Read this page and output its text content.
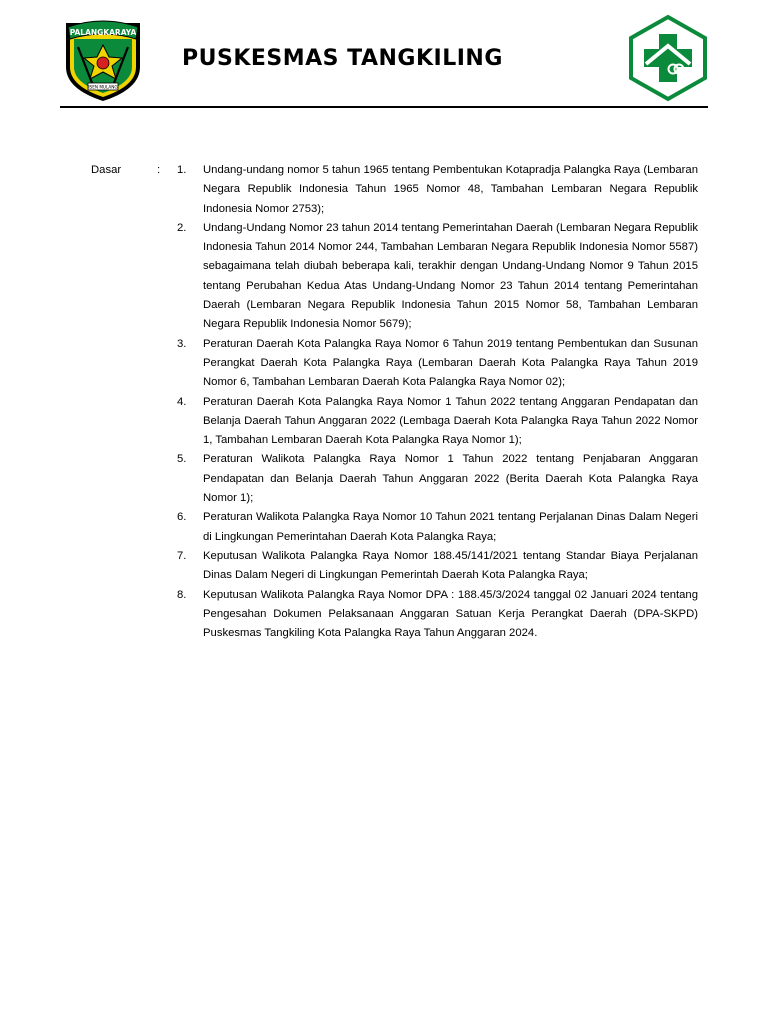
PALANGKARAYA
ISEN MULANG
PUSKESMAS TANGKILING
Dasar	:	1.	Undang-undang nomor 5 tahun 1965 tentang Pembentukan Kotapradja Palangka Raya (Lembaran Negara Republik Indonesia Tahun 1965 Nomor 48, Tambahan Lembaran Negara Republik Indonesia Nomor 2753);
2.	Undang-Undang Nomor 23 tahun 2014 tentang Pemerintahan Daerah (Lembaran Negara Republik Indonesia Tahun 2014 Nomor 244, Tambahan Lembaran Negara Republik Indonesia Nomor 5587) sebagaimana telah diubah beberapa kali, terakhir dengan Undang-Undang Nomor 9 Tahun 2015 tentang Perubahan Kedua Atas Undang-Undang Nomor 23 Tahun 2014 tentang Pemerintahan Daerah (Lembaran Negara Republik Indonesia Tahun 2015 Nomor 58, Tambahan Lembaran Negara Republik Indonesia Nomor 5679);
3.	Peraturan Daerah Kota Palangka Raya Nomor 6 Tahun 2019 tentang Pembentukan dan Susunan Perangkat Daerah Kota Palangka Raya (Lembaran Daerah Kota Palangka Raya Tahun 2019 Nomor 6, Tambahan Lembaran Daerah Kota Palangka Raya Nomor 02);
4.	Peraturan Daerah Kota Palangka Raya Nomor 1 Tahun 2022 tentang Anggaran Pendapatan dan Belanja Daerah Tahun Anggaran 2022 (Lembaga Daerah Kota Palangka Raya Tahun 2022 Nomor 1, Tambahan Lembaran Daerah Kota Palangka Raya Nomor 1);
5.	Peraturan Walikota Palangka Raya Nomor 1 Tahun 2022 tentang Penjabaran Anggaran Pendapatan dan Belanja Daerah Tahun Anggaran 2022 (Berita Daerah Kota Palangka Raya Nomor 1);
6.	Peraturan Walikota Palangka Raya Nomor 10 Tahun 2021 tentang Perjalanan Dinas Dalam Negeri di Lingkungan Pemerintahan Daerah Kota Palangka Raya;
7.	Keputusan Walikota Palangka Raya Nomor 188.45/141/2021 tentang Standar Biaya Perjalanan Dinas Dalam Negeri di Lingkungan Pemerintah Daerah Kota Palangka Raya;
8.	Keputusan Walikota Palangka Raya Nomor DPA : 188.45/3/2024 tanggal 02 Januari 2024 tentang Pengesahan Dokumen Pelaksanaan Anggaran Satuan Kerja Perangkat Daerah (DPA-SKPD) Puskesmas Tangkiling Kota Palangka Raya Tahun Anggaran 2024.
